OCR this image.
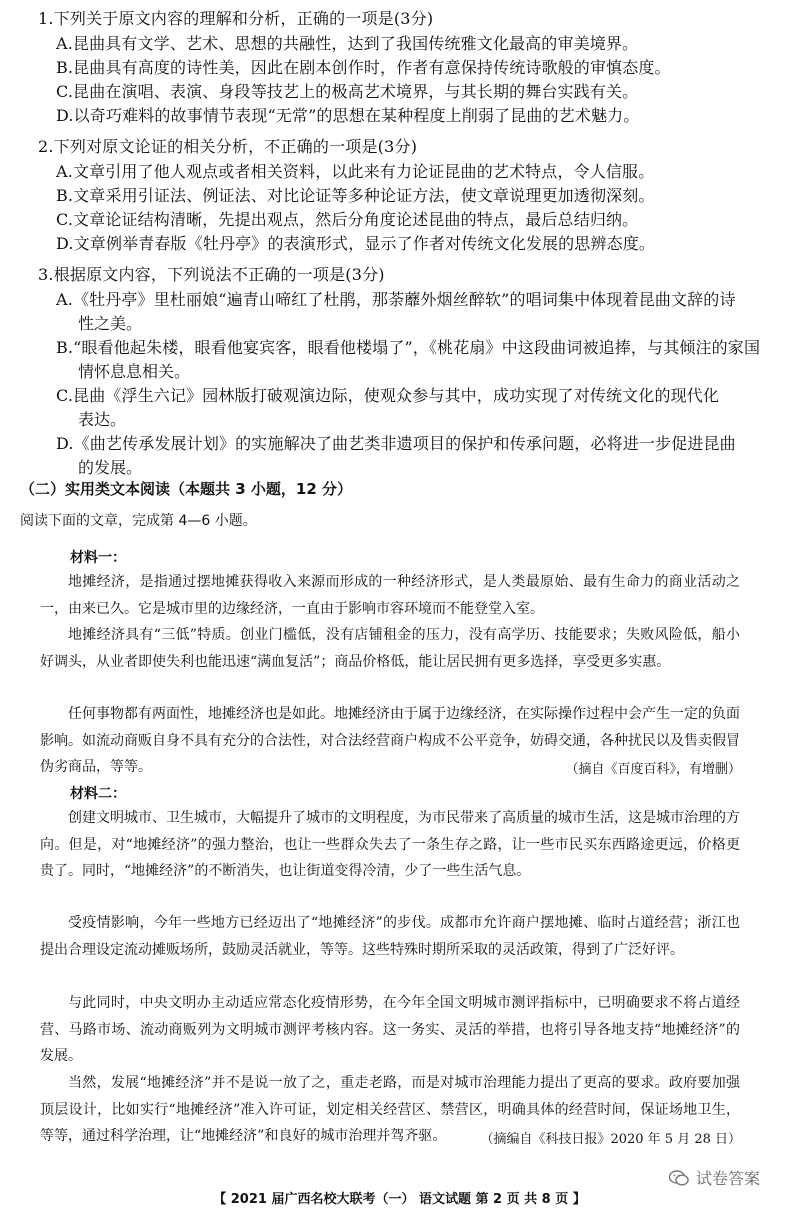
1.下列关于原文内容的理解和分析，正确的一项是(3分)
A.昆曲具有文学、艺术、思想的共融性，达到了我国传统雅文化最高的审美境界。
B.昆曲具有高度的诗性美，因此在剧本创作时，作者有意保持传统诗歌般的审慎态度。
C.昆曲在演唱、表演、身段等技艺上的极高艺术境界，与其长期的舞台实践有关。
D.以奇巧难料的故事情节表现“无常”的思想在某种程度上削弱了昆曲的艺术魅力。
2.下列对原文论证的相关分析，不正确的一项是(3分)
A.文章引用了他人观点或者相关资料，以此来有力论证昆曲的艺术特点，令人信服。
B.文章采用引证法、例证法、对比论证等多种论证方法，使文章说理更加透彻深刻。
C.文章论证结构清晰，先提出观点，然后分角度论述昆曲的特点，最后总结归纳。
D.文章例举青春版《牡丹亭》的表演形式，显示了作者对传统文化发展的思辨态度。
3.根据原文内容，下列说法不正确的一项是(3分)
A.《牡丹亭》里杜丽娘“遍青山啼红了杜鹃，那荼蘼外烟丝醉软”的唱词集中体现着昆曲文辞的诗
性之美。
B.“眼看他起朱楼，眼看他宴宾客，眼看他楼塌了”，《桃花扇》中这段曲词被追捧，与其倾注的家国
情怀息息相关。
C.昆曲《浮生六记》园林版打破观演边际，使观众参与其中，成功实现了对传统文化的现代化
表达。
D.《曲艺传承发展计划》的实施解决了曲艺类非遗项目的保护和传承问题，必将进一步促进昆曲
的发展。
（二）实用类文本阅读（本题共 3 小题，12 分）
阅读下面的文章，完成第 4—6 小题。
材料一：
地摊经济，是指通过摆地摊获得收入来源而形成的一种经济形式，是人类最原始、最有生命力的商业活动之一，由来已久。它是城市里的边缘经济，一直由于影响市容环境而不能登堂入室。
地摊经济具有“三低”特质。创业门槛低，没有店铺租金的压力，没有高学历、技能要求；失败风险低，船小好调头，从业者即使失利也能迅速“满血复活”；商品价格低，能让居民拥有更多选择，享受更多实惠。
任何事物都有两面性，地摊经济也是如此。地摊经济由于属于边缘经济，在实际操作过程中会产生一定的负面影响。如流动商贩自身不具有充分的合法性，对合法经营商户构成不公平竞争，妨碍交通，各种扰民以及售卖假冒伪劣商品，等等。	（摘自《百度百科》，有增删）
材料二：
创建文明城市、卫生城市，大幅提升了城市的文明程度，为市民带来了高质量的城市生活，这是城市治理的方向。但是，对“地摊经济”的强力整治，也让一些群众失去了一条生存之路，让一些市民买东西路途更远，价格更贵了。同时，“地摊经济”的不断消失，也让街道变得冷清，少了一些生活气息。
受疫情影响，今年一些地方已经迈出了“地摊经济”的步伐。成都市允许商户摆地摊、临时占道经营；浙江也提出合理设定流动摊贩场所，鼓励灵活就业，等等。这些特殊时期所采取的灵活政策，得到了广泛好评。
与此同时，中央文明办主动适应常态化疫情形势，在今年全国文明城市测评指标中，已明确要求不将占道经营、马路市场、流动商贩列为文明城市测评考核内容。这一务实、灵活的举措，也将引导各地支持“地摊经济”的发展。
当然，发展“地摊经济”并不是说一放了之，重走老路，而是对城市治理能力提出了更高的要求。政府要加强顶层设计，比如实行“地摊经济”准入许可证，划定相关经营区、禁营区，明确具体的经营时间，保证场地卫生，等等，通过科学治理，让“地摊经济”和良好的城市治理并驾齐驱。	（摘编自《科技日报》2020 年 5 月 28 日）
试卷答案
【 2021 届广西名校大联考（一） 语文试题 第 2 页 共 8 页 】
